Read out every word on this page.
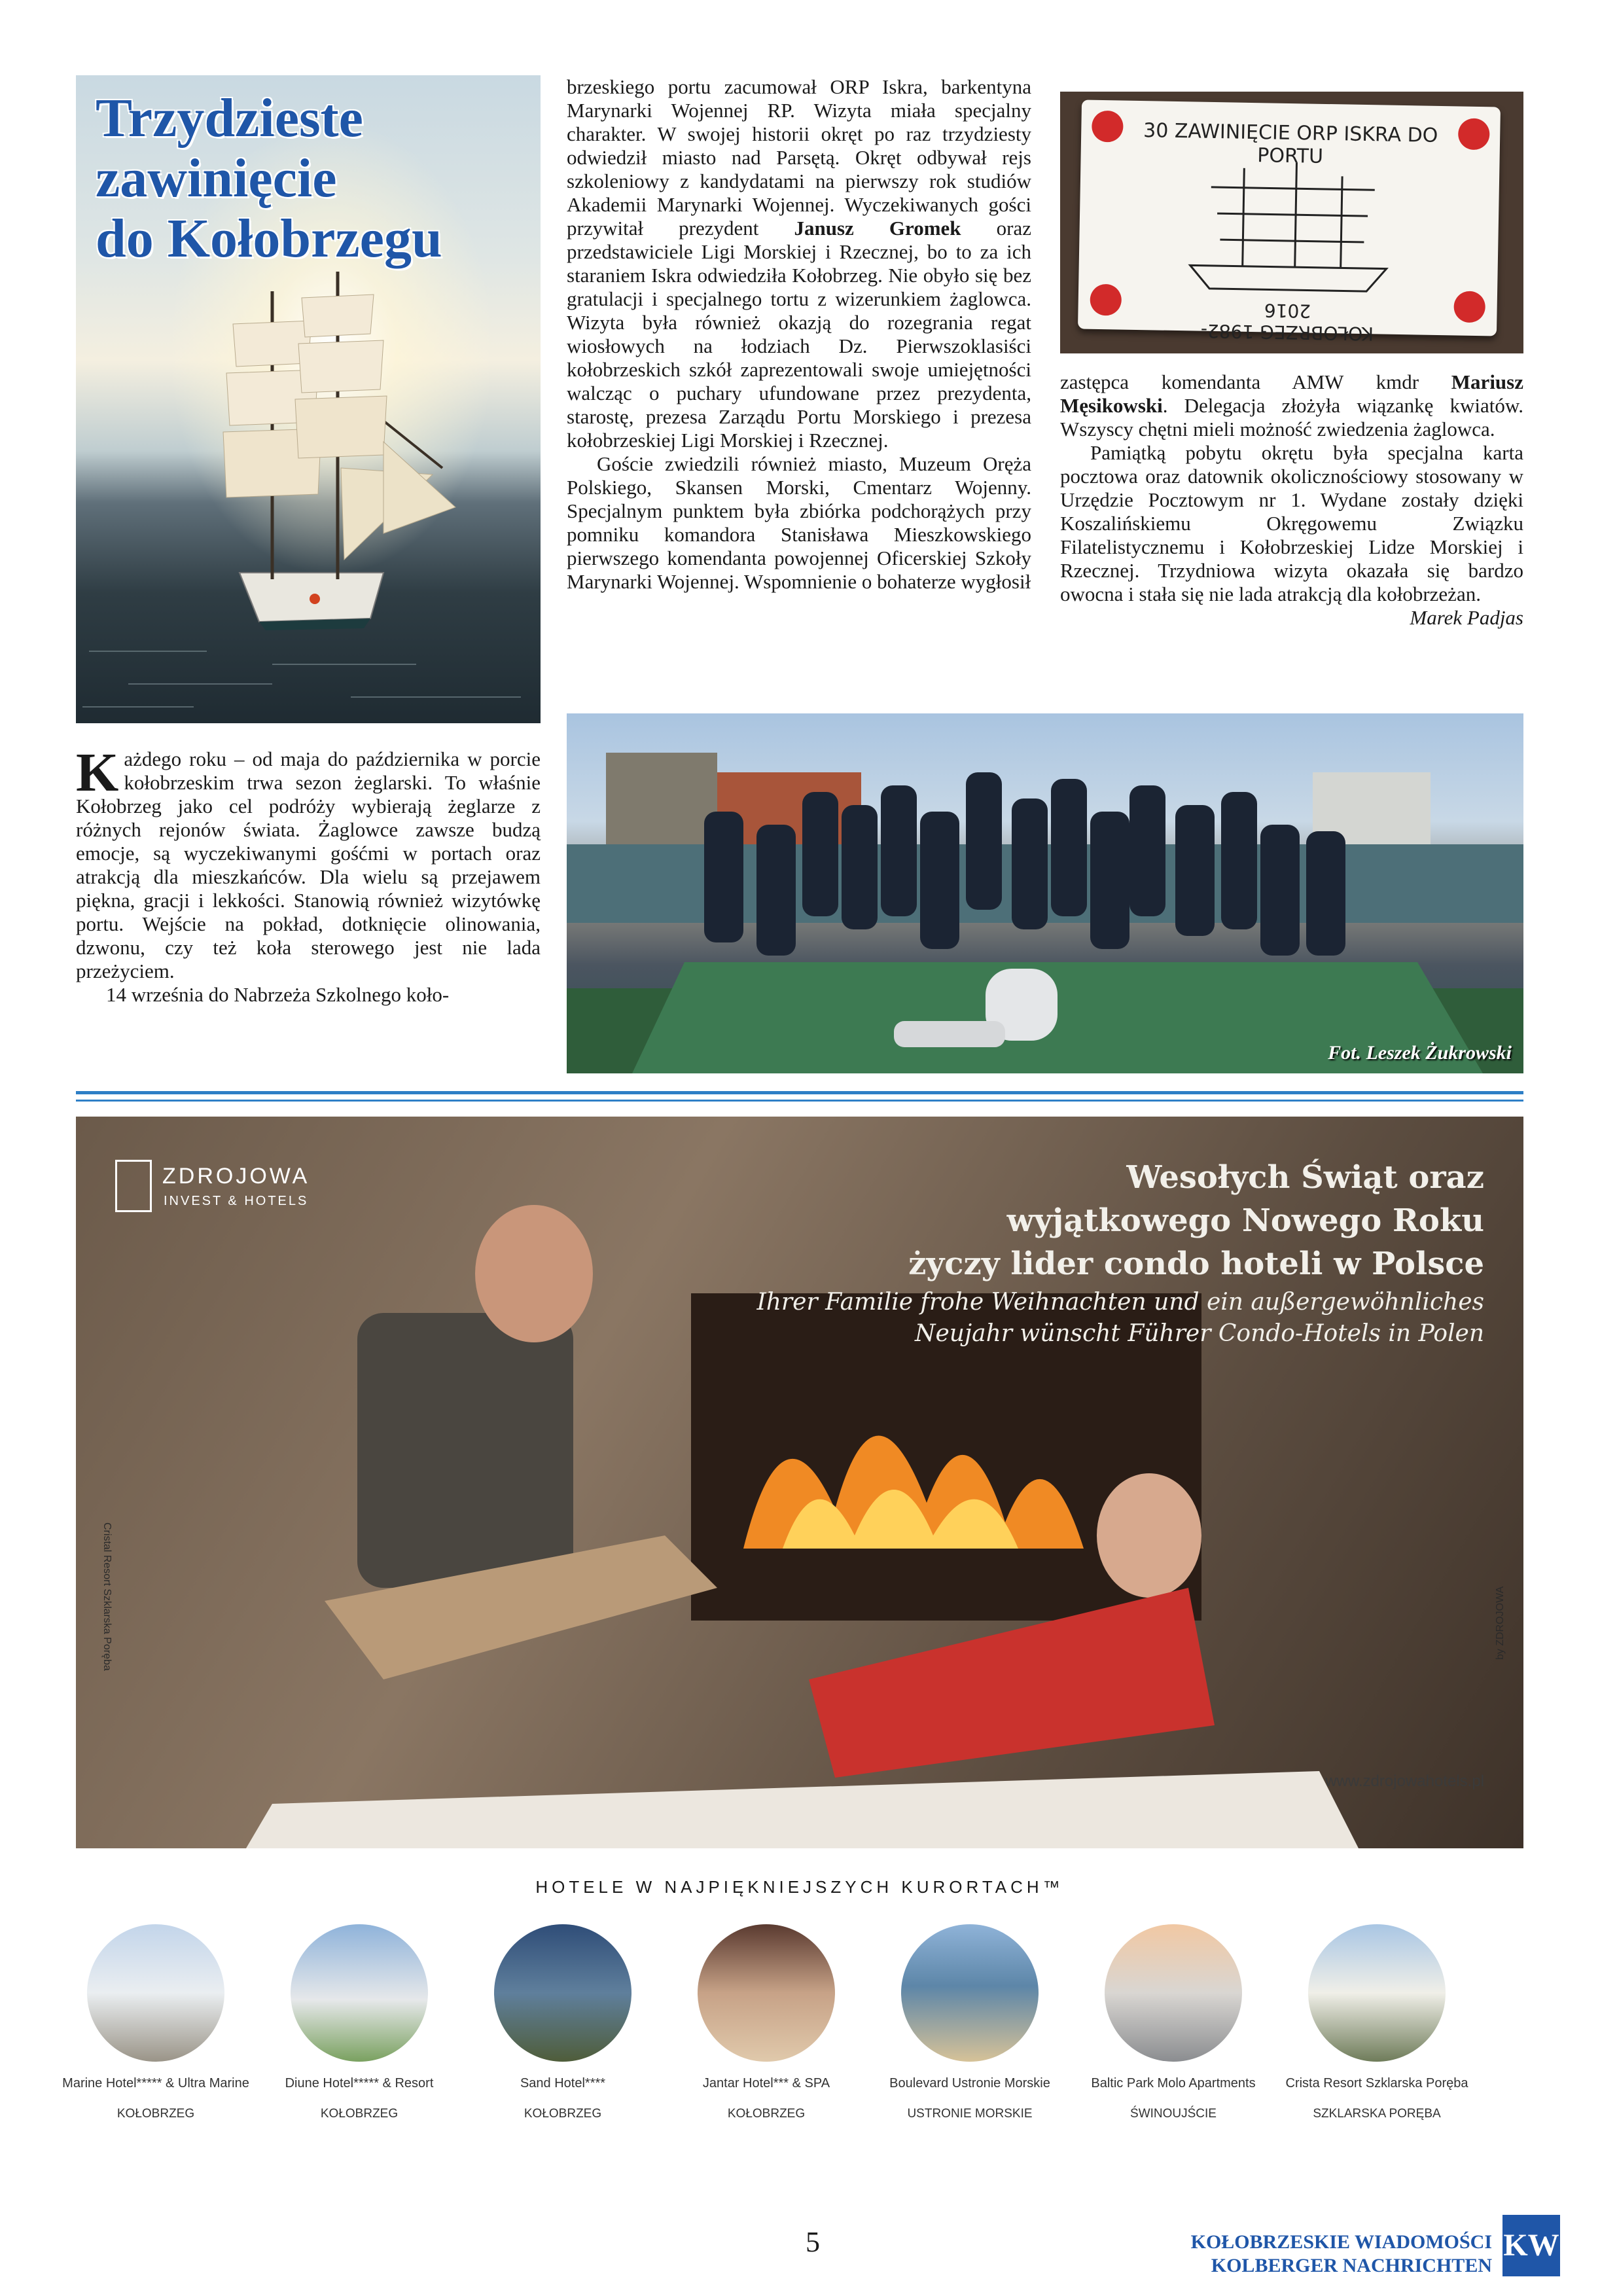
Trzydzieste
zawinięcie
do Kołobrzegu

Każdego roku – od maja do października w porcie kołobrzeskim trwa sezon żeglarski. To właśnie Kołobrzeg jako cel podróży wybierają żeglarze z różnych rejonów świata. Żaglowce zawsze budzą emocje, są wyczekiwanymi gośćmi w portach oraz atrakcją dla mieszkańców. Dla wielu są przejawem piękna, gracji i lekkości. Stanowią również wizytówkę portu. Wejście na pokład, dotknięcie olinowania, dzwonu, czy też koła sterowego jest nie lada przeżyciem.

14 września do Nabrzeża Szkolnego koło-

brzeskiego portu zacumował ORP Iskra, barkentyna Marynarki Wojennej RP. Wizyta miała specjalny charakter. W swojej historii okręt po raz trzydziesty odwiedził miasto nad Parsętą. Okręt odbywał rejs szkoleniowy z kandydatami na pierwszy rok studiów Akademii Marynarki Wojennej. Wyczekiwanych gości przywitał prezydent Janusz Gromek oraz przedstawiciele Ligi Morskiej i Rzecznej, bo to za ich staraniem Iskra odwiedziła Kołobrzeg. Nie obyło się bez gratulacji i specjalnego tortu z wizerunkiem żaglowca. Wizyta była również okazją do rozegrania regat wiosłowych na łodziach Dz. Pierwszoklasiści kołobrzeskich szkół zaprezentowali swoje umiejętności walcząc o puchary ufundowane przez prezydenta, starostę, prezesa Zarządu Portu Morskiego i prezesa kołobrzeskiej Ligi Morskiej i Rzecznej.

Goście zwiedzili również miasto, Muzeum Oręża Polskiego, Skansen Morski, Cmentarz Wojenny. Specjalnym punktem była zbiórka podchorążych przy pomniku komandora Stanisława Mieszkowskiego pierwszego komendanta powojennej Oficerskiej Szkoły Marynarki Wojennej. Wspomnienie o bohaterze wygłosił

30 ZAWINIĘCIE ORP ISKRA DO PORTU
KOŁOBRZEG 1982-2016

zastępca komendanta AMW kmdr Mariusz Męsikowski. Delegacja złożyła wiązankę kwiatów. Wszyscy chętni mieli możność zwiedzenia żaglowca.

Pamiątką pobytu okrętu była specjalna karta pocztowa oraz datownik okolicznościowy stosowany w Urzędzie Pocztowym nr 1. Wydane zostały dzięki Koszalińskiemu Okręgowemu Związku Filatelistycznemu i Kołobrzeskiej Lidze Morskiej i Rzecznej. Trzydniowa wizyta okazała się bardzo owocna i stała się nie lada atrakcją dla kołobrzeżan.

Marek Padjas

Fot. Leszek Żukrowski
ZDROJOWA
INVEST & HOTELS
Wesołych Świąt oraz
wyjątkowego Nowego Roku
życzy lider condo hoteli w Polsce
Ihrer Familie frohe Weihnachten und ein außergewöhnliches
Neujahr wünscht Führer Condo-Hotels in Polen
www.zdrojowahotels.pl
Cristal Resort Szklarska Poręba	by ZDROJOWA
HOTELE W NAJPIĘKNIEJSZYCH KURORTACH™
Marine Hotel***** & Ultra Marine
KOŁOBRZEG
Diune Hotel***** & Resort
KOŁOBRZEG
Sand Hotel****
KOŁOBRZEG
Jantar Hotel*** & SPA
KOŁOBRZEG
Boulevard Ustronie Morskie
USTRONIE MORSKIE
Baltic Park Molo Apartments
ŚWINOUJŚCIE
Crista Resort Szklarska Poręba
SZKLARSKA PORĘBA
5	KOŁOBRZESKIE WIADOMOŚCI
KOLBERGER NACHRICHTEN
KW
